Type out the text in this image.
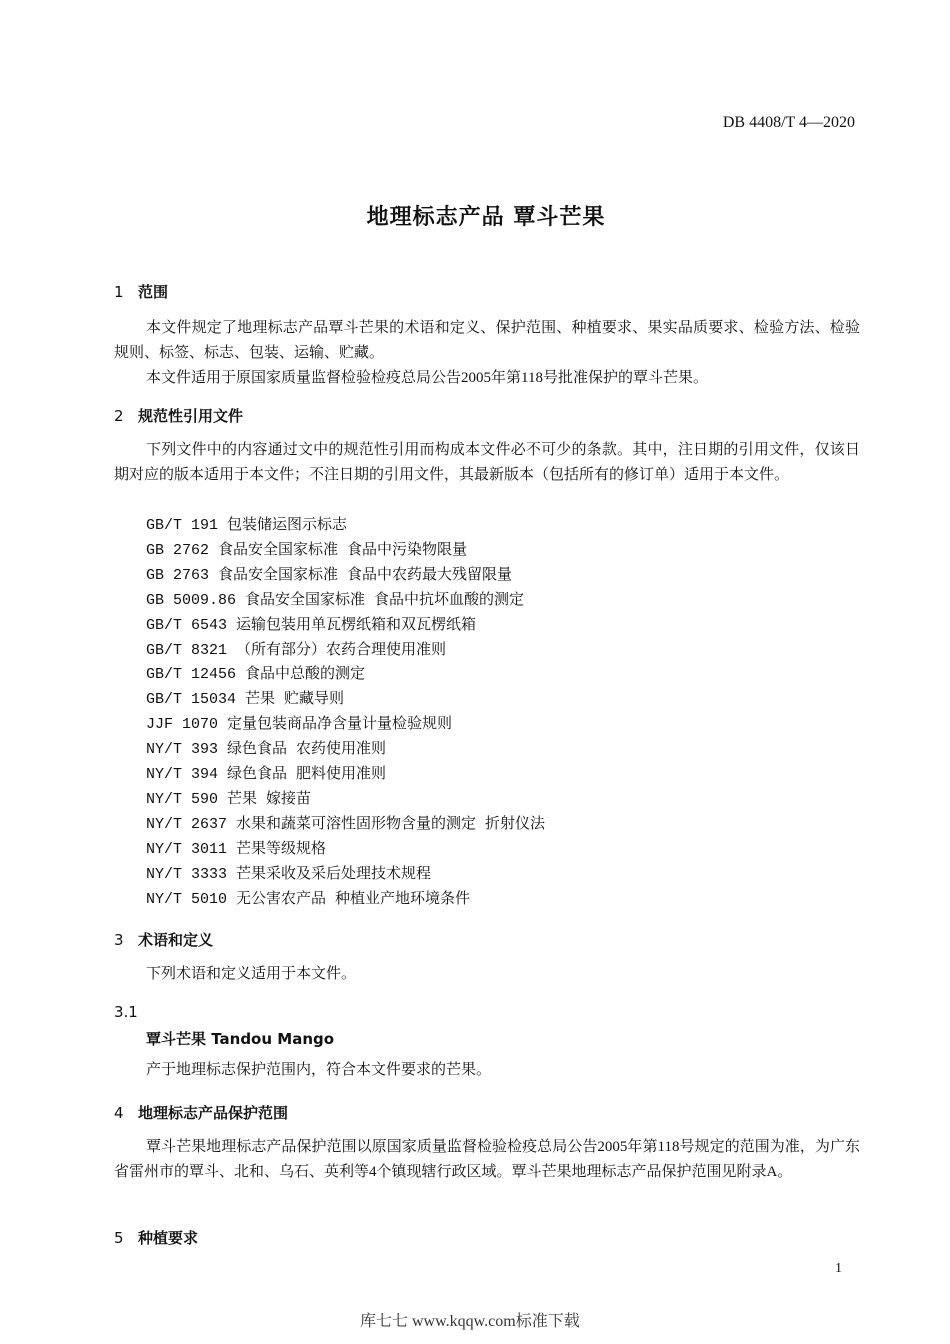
DB 4408/T 4—2020
地理标志产品 覃斗芒果
1 范围

本文件规定了地理标志产品覃斗芒果的术语和定义、保护范围、种植要求、果实品质要求、检验方法、检验规则、标签、标志、包装、运输、贮藏。

本文件适用于原国家质量监督检验检疫总局公告2005年第118号批准保护的覃斗芒果。

2 规范性引用文件

下列文件中的内容通过文中的规范性引用而构成本文件必不可少的条款。其中，注日期的引用文件，仅该日期对应的版本适用于本文件；不注日期的引用文件，其最新版本（包括所有的修订单）适用于本文件。

GB/T 191 包装储运图示标志
GB 2762 食品安全国家标准 食品中污染物限量
GB 2763 食品安全国家标准 食品中农药最大残留限量
GB 5009.86 食品安全国家标准 食品中抗坏血酸的测定
GB/T 6543 运输包装用单瓦楞纸箱和双瓦楞纸箱
GB/T 8321 （所有部分）农药合理使用准则
GB/T 12456 食品中总酸的测定
GB/T 15034 芒果 贮藏导则
JJF 1070 定量包装商品净含量计量检验规则
NY/T 393 绿色食品 农药使用准则
NY/T 394 绿色食品 肥料使用准则
NY/T 590 芒果 嫁接苗
NY/T 2637 水果和蔬菜可溶性固形物含量的测定 折射仪法
NY/T 3011 芒果等级规格
NY/T 3333 芒果采收及采后处理技术规程
NY/T 5010 无公害农产品 种植业产地环境条件
3 术语和定义

下列术语和定义适用于本文件。

3.1
覃斗芒果 Tandou Mango
产于地理标志保护范围内，符合本文件要求的芒果。
4 地理标志产品保护范围

覃斗芒果地理标志产品保护范围以原国家质量监督检验检疫总局公告2005年第118号规定的范围为准，为广东省雷州市的覃斗、北和、乌石、英利等4个镇现辖行政区域。覃斗芒果地理标志产品保护范围见附录A。

5 种植要求
1
库七七 www.kqqw.com标准下载
